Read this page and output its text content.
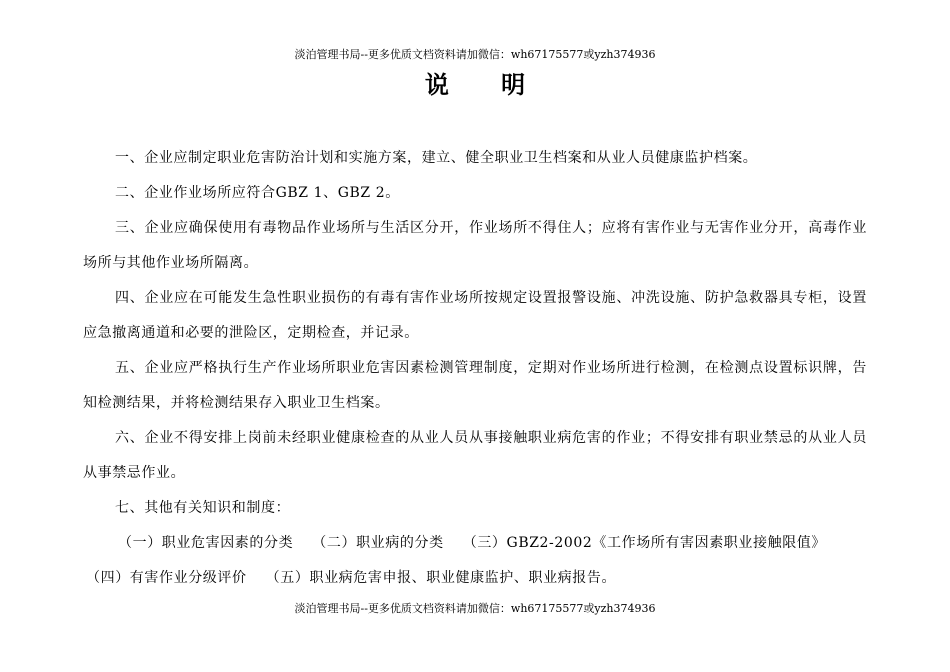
淡泊管理书局--更多优质文档资料请加微信：wh67175577或yzh374936
说 明

一、企业应制定职业危害防治计划和实施方案，建立、健全职业卫生档案和从业人员健康监护档案。

二、企业作业场所应符合GBZ 1、GBZ 2。

三、企业应确保使用有毒物品作业场所与生活区分开，作业场所不得住人；应将有害作业与无害作业分开，高毒作业场所与其他作业场所隔离。

四、企业应在可能发生急性职业损伤的有毒有害作业场所按规定设置报警设施、冲洗设施、防护急救器具专柜，设置应急撤离通道和必要的泄险区，定期检查，并记录。

五、企业应严格执行生产作业场所职业危害因素检测管理制度，定期对作业场所进行检测，在检测点设置标识牌，告知检测结果，并将检测结果存入职业卫生档案。

六、企业不得安排上岗前未经职业健康检查的从业人员从事接触职业病危害的作业；不得安排有职业禁忌的从业人员从事禁忌作业。

七、其他有关知识和制度：

（一）职业危害因素的分类 （二）职业病的分类 （三）GBZ2-2002《工作场所有害因素职业接触限值》
（四）有害作业分级评价 （五）职业病危害申报、职业健康监护、职业病报告。
淡泊管理书局--更多优质文档资料请加微信：wh67175577或yzh374936
